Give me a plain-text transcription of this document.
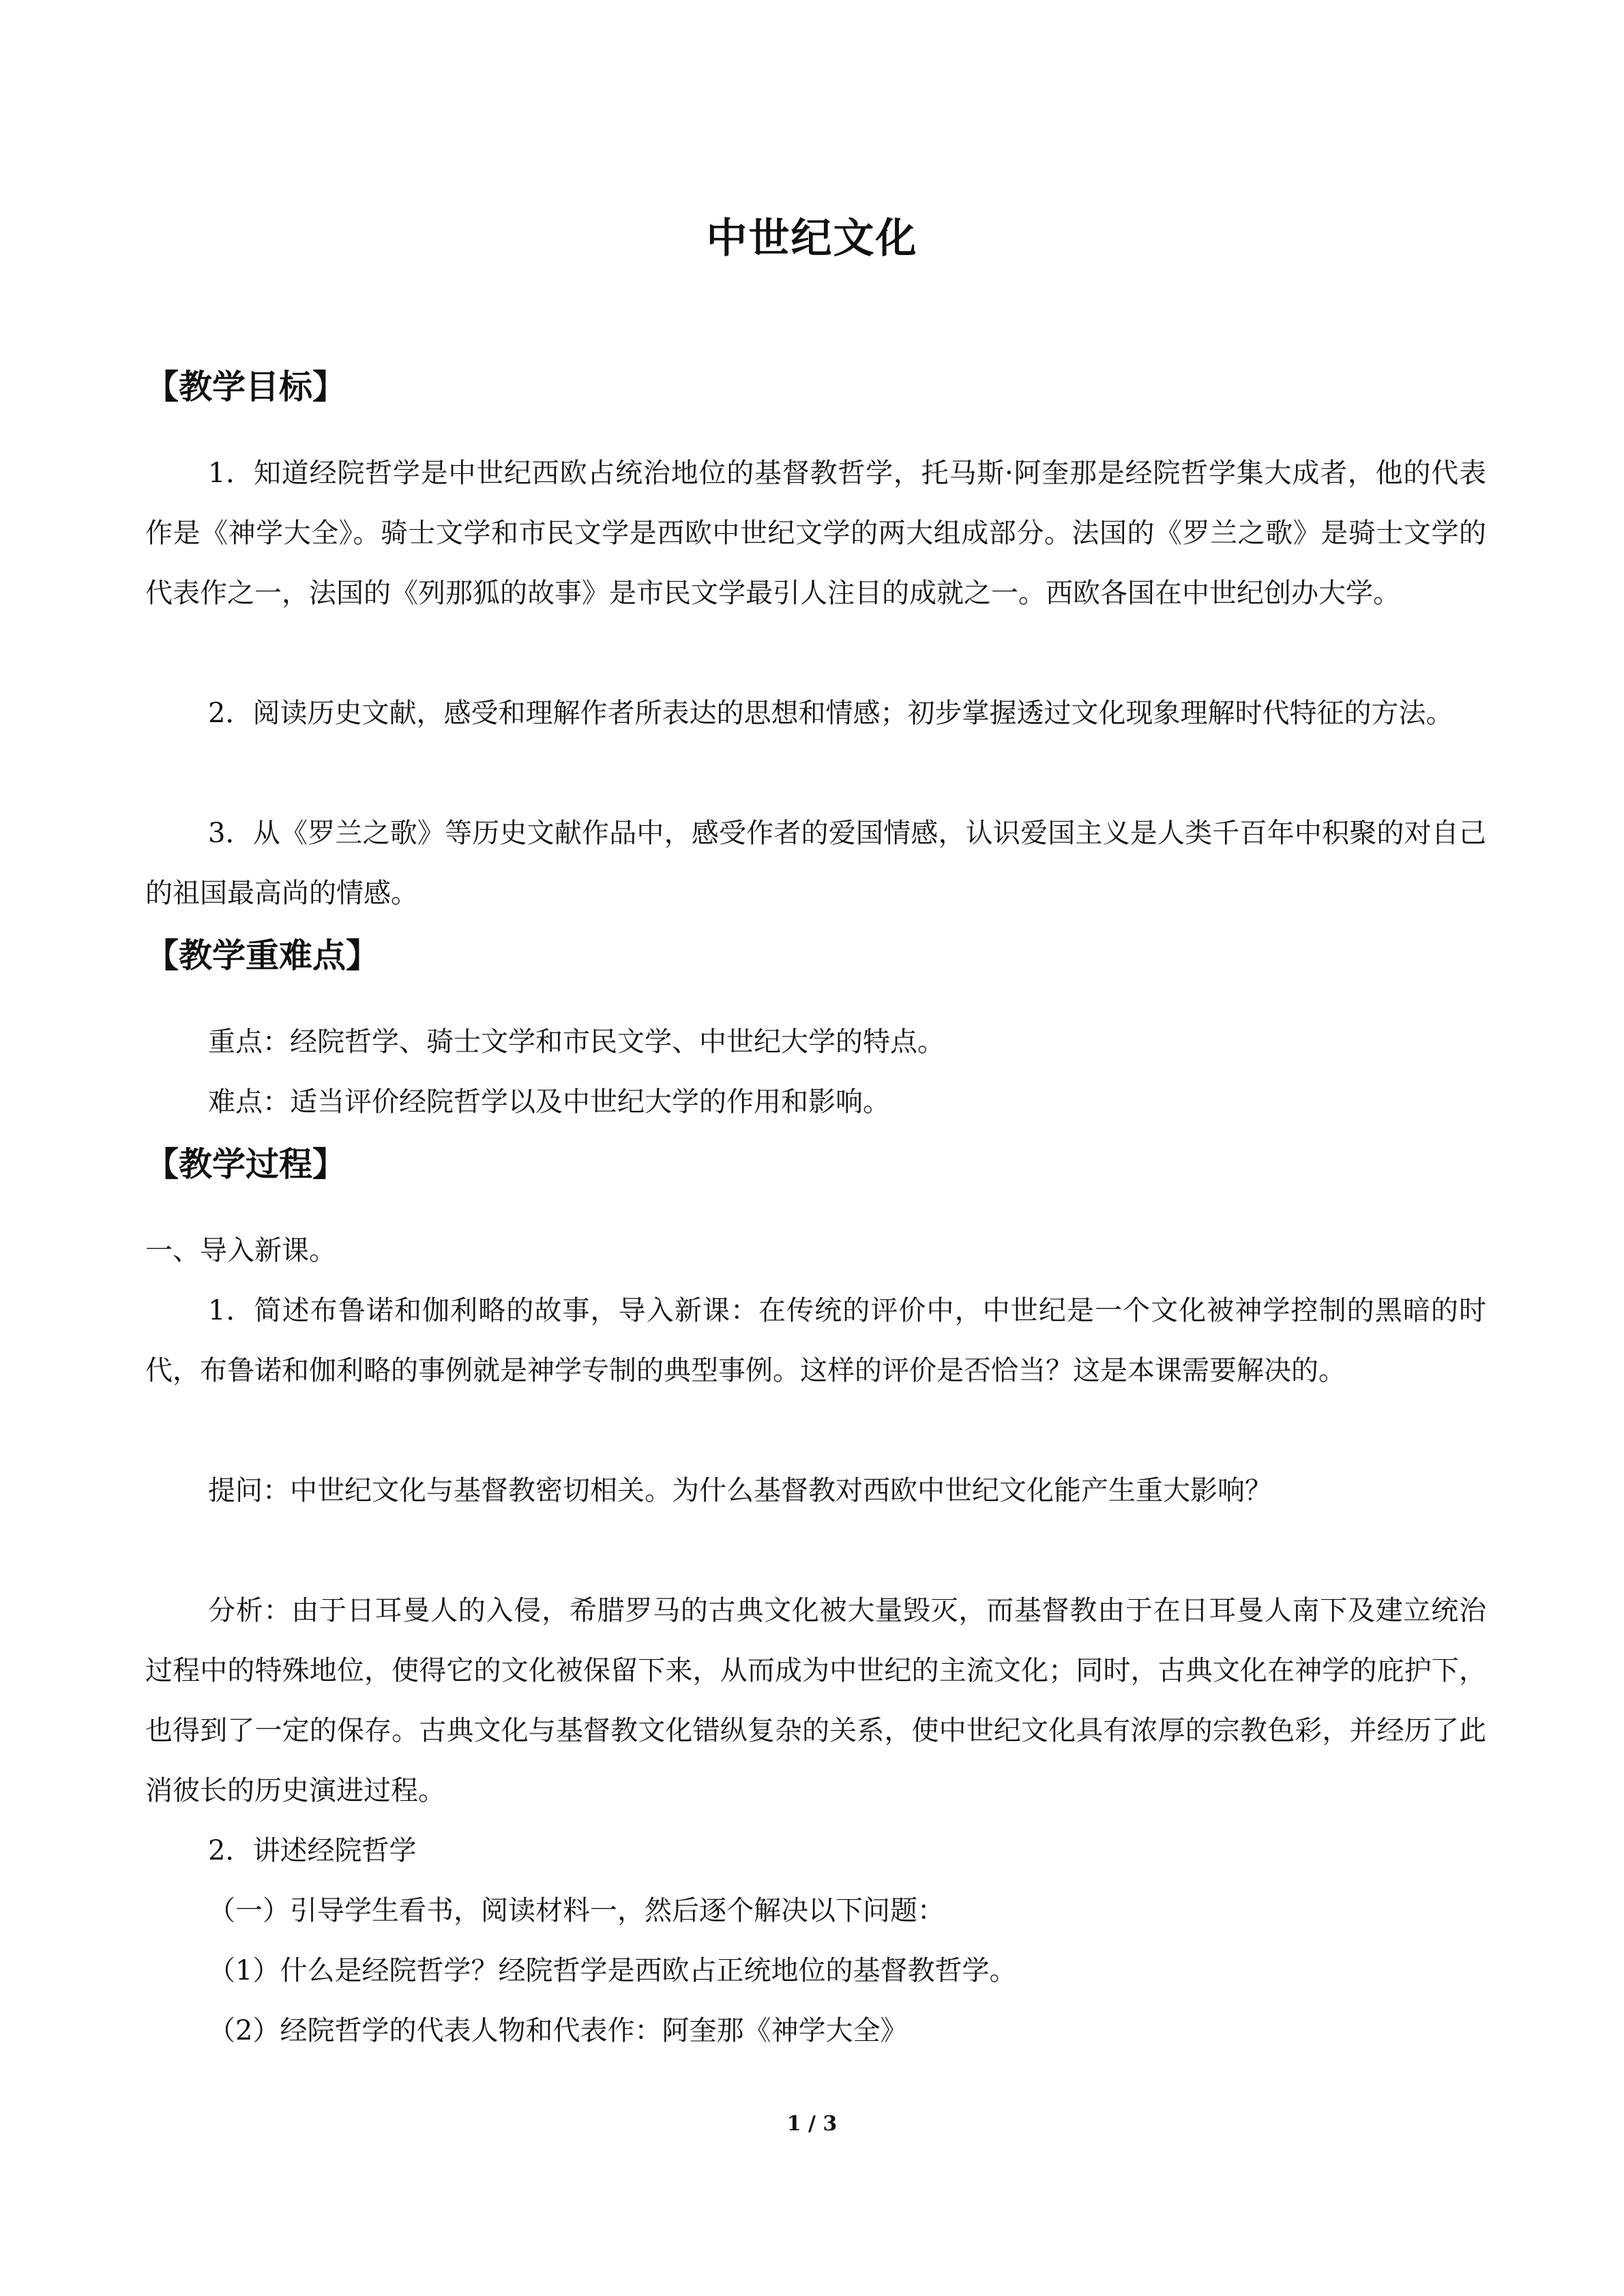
中世纪文化
【教学目标】
1．知道经院哲学是中世纪西欧占统治地位的基督教哲学，托马斯·阿奎那是经院哲学集大成者，他的代表作是《神学大全》。骑士文学和市民文学是西欧中世纪文学的两大组成部分。法国的《罗兰之歌》是骑士文学的代表作之一，法国的《列那狐的故事》是市民文学最引人注目的成就之一。西欧各国在中世纪创办大学。
2．阅读历史文献，感受和理解作者所表达的思想和情感；初步掌握透过文化现象理解时代特征的方法。
3．从《罗兰之歌》等历史文献作品中，感受作者的爱国情感，认识爱国主义是人类千百年中积聚的对自己的祖国最高尚的情感。
【教学重难点】
重点：经院哲学、骑士文学和市民文学、中世纪大学的特点。
难点：适当评价经院哲学以及中世纪大学的作用和影响。
【教学过程】
一、导入新课。
1．简述布鲁诺和伽利略的故事，导入新课：在传统的评价中，中世纪是一个文化被神学控制的黑暗的时代，布鲁诺和伽利略的事例就是神学专制的典型事例。这样的评价是否恰当？这是本课需要解决的。
提问：中世纪文化与基督教密切相关。为什么基督教对西欧中世纪文化能产生重大影响？
分析：由于日耳曼人的入侵，希腊罗马的古典文化被大量毁灭，而基督教由于在日耳曼人南下及建立统治过程中的特殊地位，使得它的文化被保留下来，从而成为中世纪的主流文化；同时，古典文化在神学的庇护下，也得到了一定的保存。古典文化与基督教文化错纵复杂的关系，使中世纪文化具有浓厚的宗教色彩，并经历了此消彼长的历史演进过程。
2．讲述经院哲学
（一）引导学生看书，阅读材料一，然后逐个解决以下问题：
（1）什么是经院哲学？经院哲学是西欧占正统地位的基督教哲学。
（2）经院哲学的代表人物和代表作：阿奎那《神学大全》
1 / 3
